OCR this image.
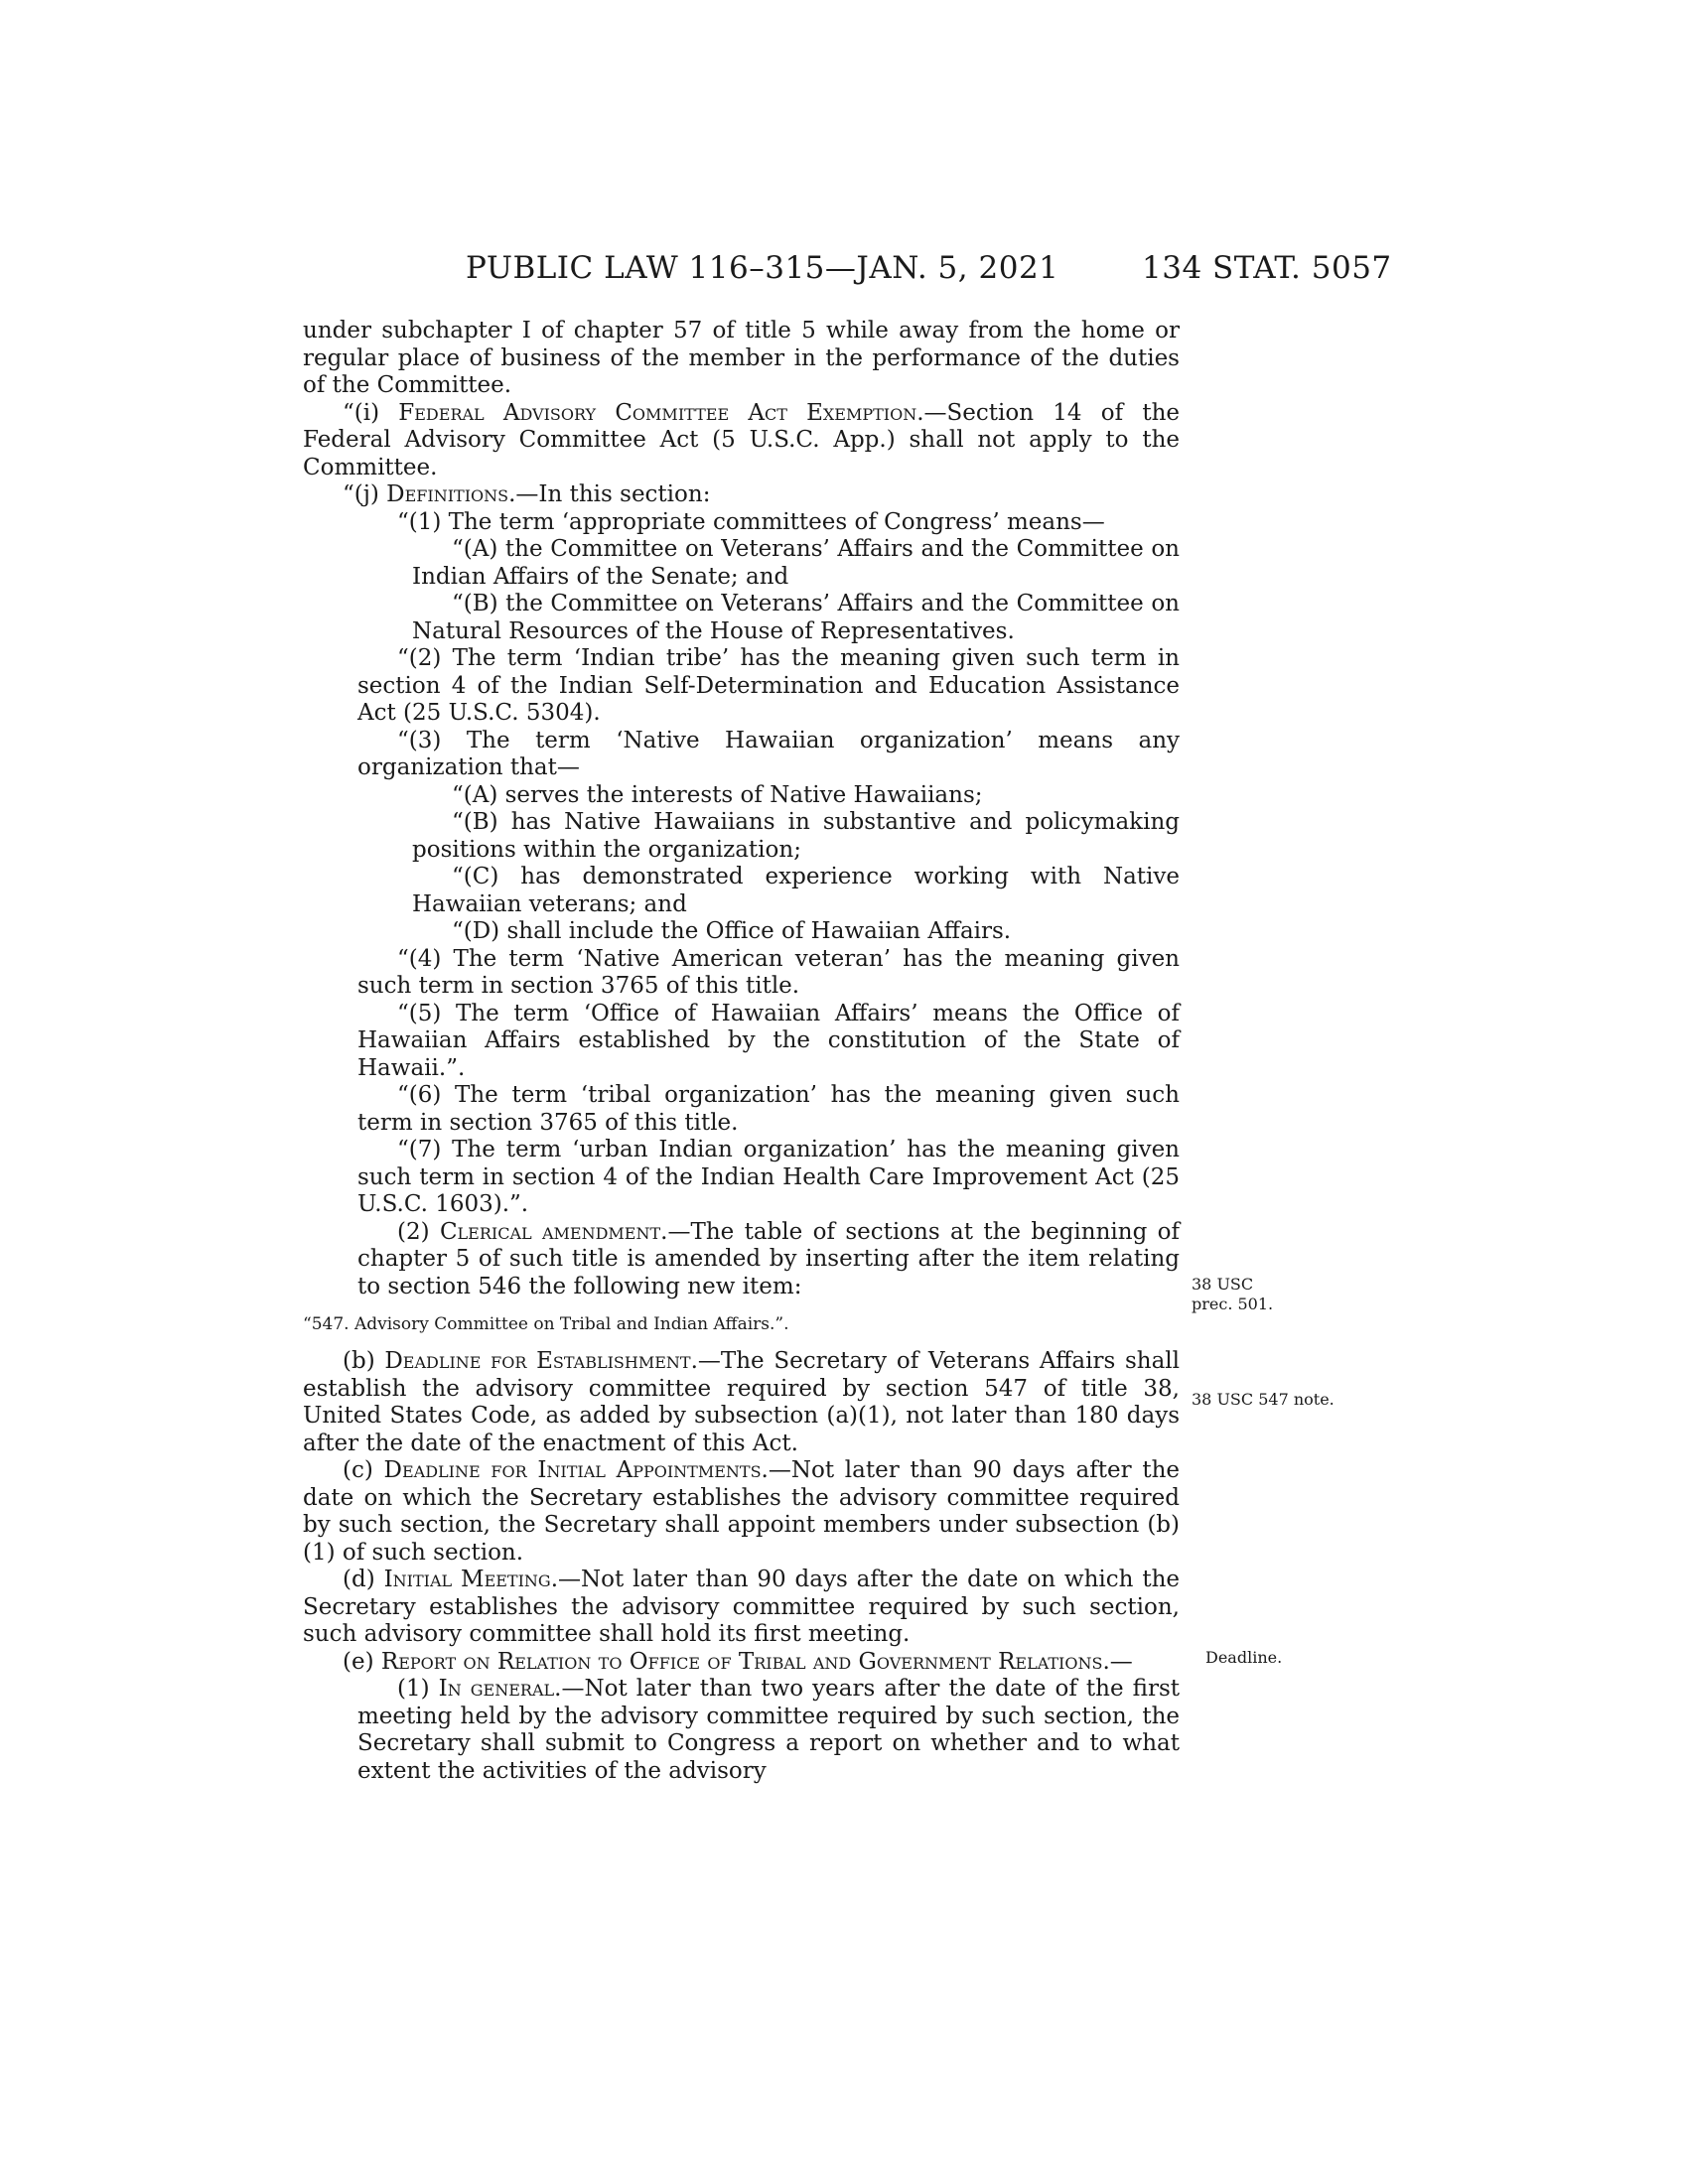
PUBLIC LAW 116–315—JAN. 5, 2021	134 STAT. 5057

under subchapter I of chapter 57 of title 5 while away from the home or regular place of business of the member in the performance of the duties of the Committee.

“(i) Federal Advisory Committee Act Exemption.—Section 14 of the Federal Advisory Committee Act (5 U.S.C. App.) shall not apply to the Committee.

“(j) Definitions.—In this section:

“(1) The term ‘appropriate committees of Congress’ means—

“(A) the Committee on Veterans’ Affairs and the Committee on Indian Affairs of the Senate; and

“(B) the Committee on Veterans’ Affairs and the Committee on Natural Resources of the House of Representatives.

“(2) The term ‘Indian tribe’ has the meaning given such term in section 4 of the Indian Self-Determination and Education Assistance Act (25 U.S.C. 5304).

“(3) The term ‘Native Hawaiian organization’ means any organization that—

“(A) serves the interests of Native Hawaiians;

“(B) has Native Hawaiians in substantive and policymaking positions within the organization;

“(C) has demonstrated experience working with Native Hawaiian veterans; and

“(D) shall include the Office of Hawaiian Affairs.

“(4) The term ‘Native American veteran’ has the meaning given such term in section 3765 of this title.

“(5) The term ‘Office of Hawaiian Affairs’ means the Office of Hawaiian Affairs established by the constitution of the State of Hawaii.”.

“(6) The term ‘tribal organization’ has the meaning given such term in section 3765 of this title.

“(7) The term ‘urban Indian organization’ has the meaning given such term in section 4 of the Indian Health Care Improvement Act (25 U.S.C. 1603).”.

(2) Clerical amendment.—The table of sections at the beginning of chapter 5 of such title is amended by inserting after the item relating to section 546 the following new item:

“547. Advisory Committee on Tribal and Indian Affairs.”.

(b) Deadline for Establishment.—The Secretary of Veterans Affairs shall establish the advisory committee required by section 547 of title 38, United States Code, as added by subsection (a)(1), not later than 180 days after the date of the enactment of this Act.

(c) Deadline for Initial Appointments.—Not later than 90 days after the date on which the Secretary establishes the advisory committee required by such section, the Secretary shall appoint members under subsection (b)(1) of such section.

(d) Initial Meeting.—Not later than 90 days after the date on which the Secretary establishes the advisory committee required by such section, such advisory committee shall hold its first meeting.

(e) Report on Relation to Office of Tribal and Government Relations.—

(1) In general.—Not later than two years after the date of the first meeting held by the advisory committee required by such section, the Secretary shall submit to Congress a report on whether and to what extent the activities of the advisory

38 USC
prec. 501.
38 USC 547 note.
Deadline.
